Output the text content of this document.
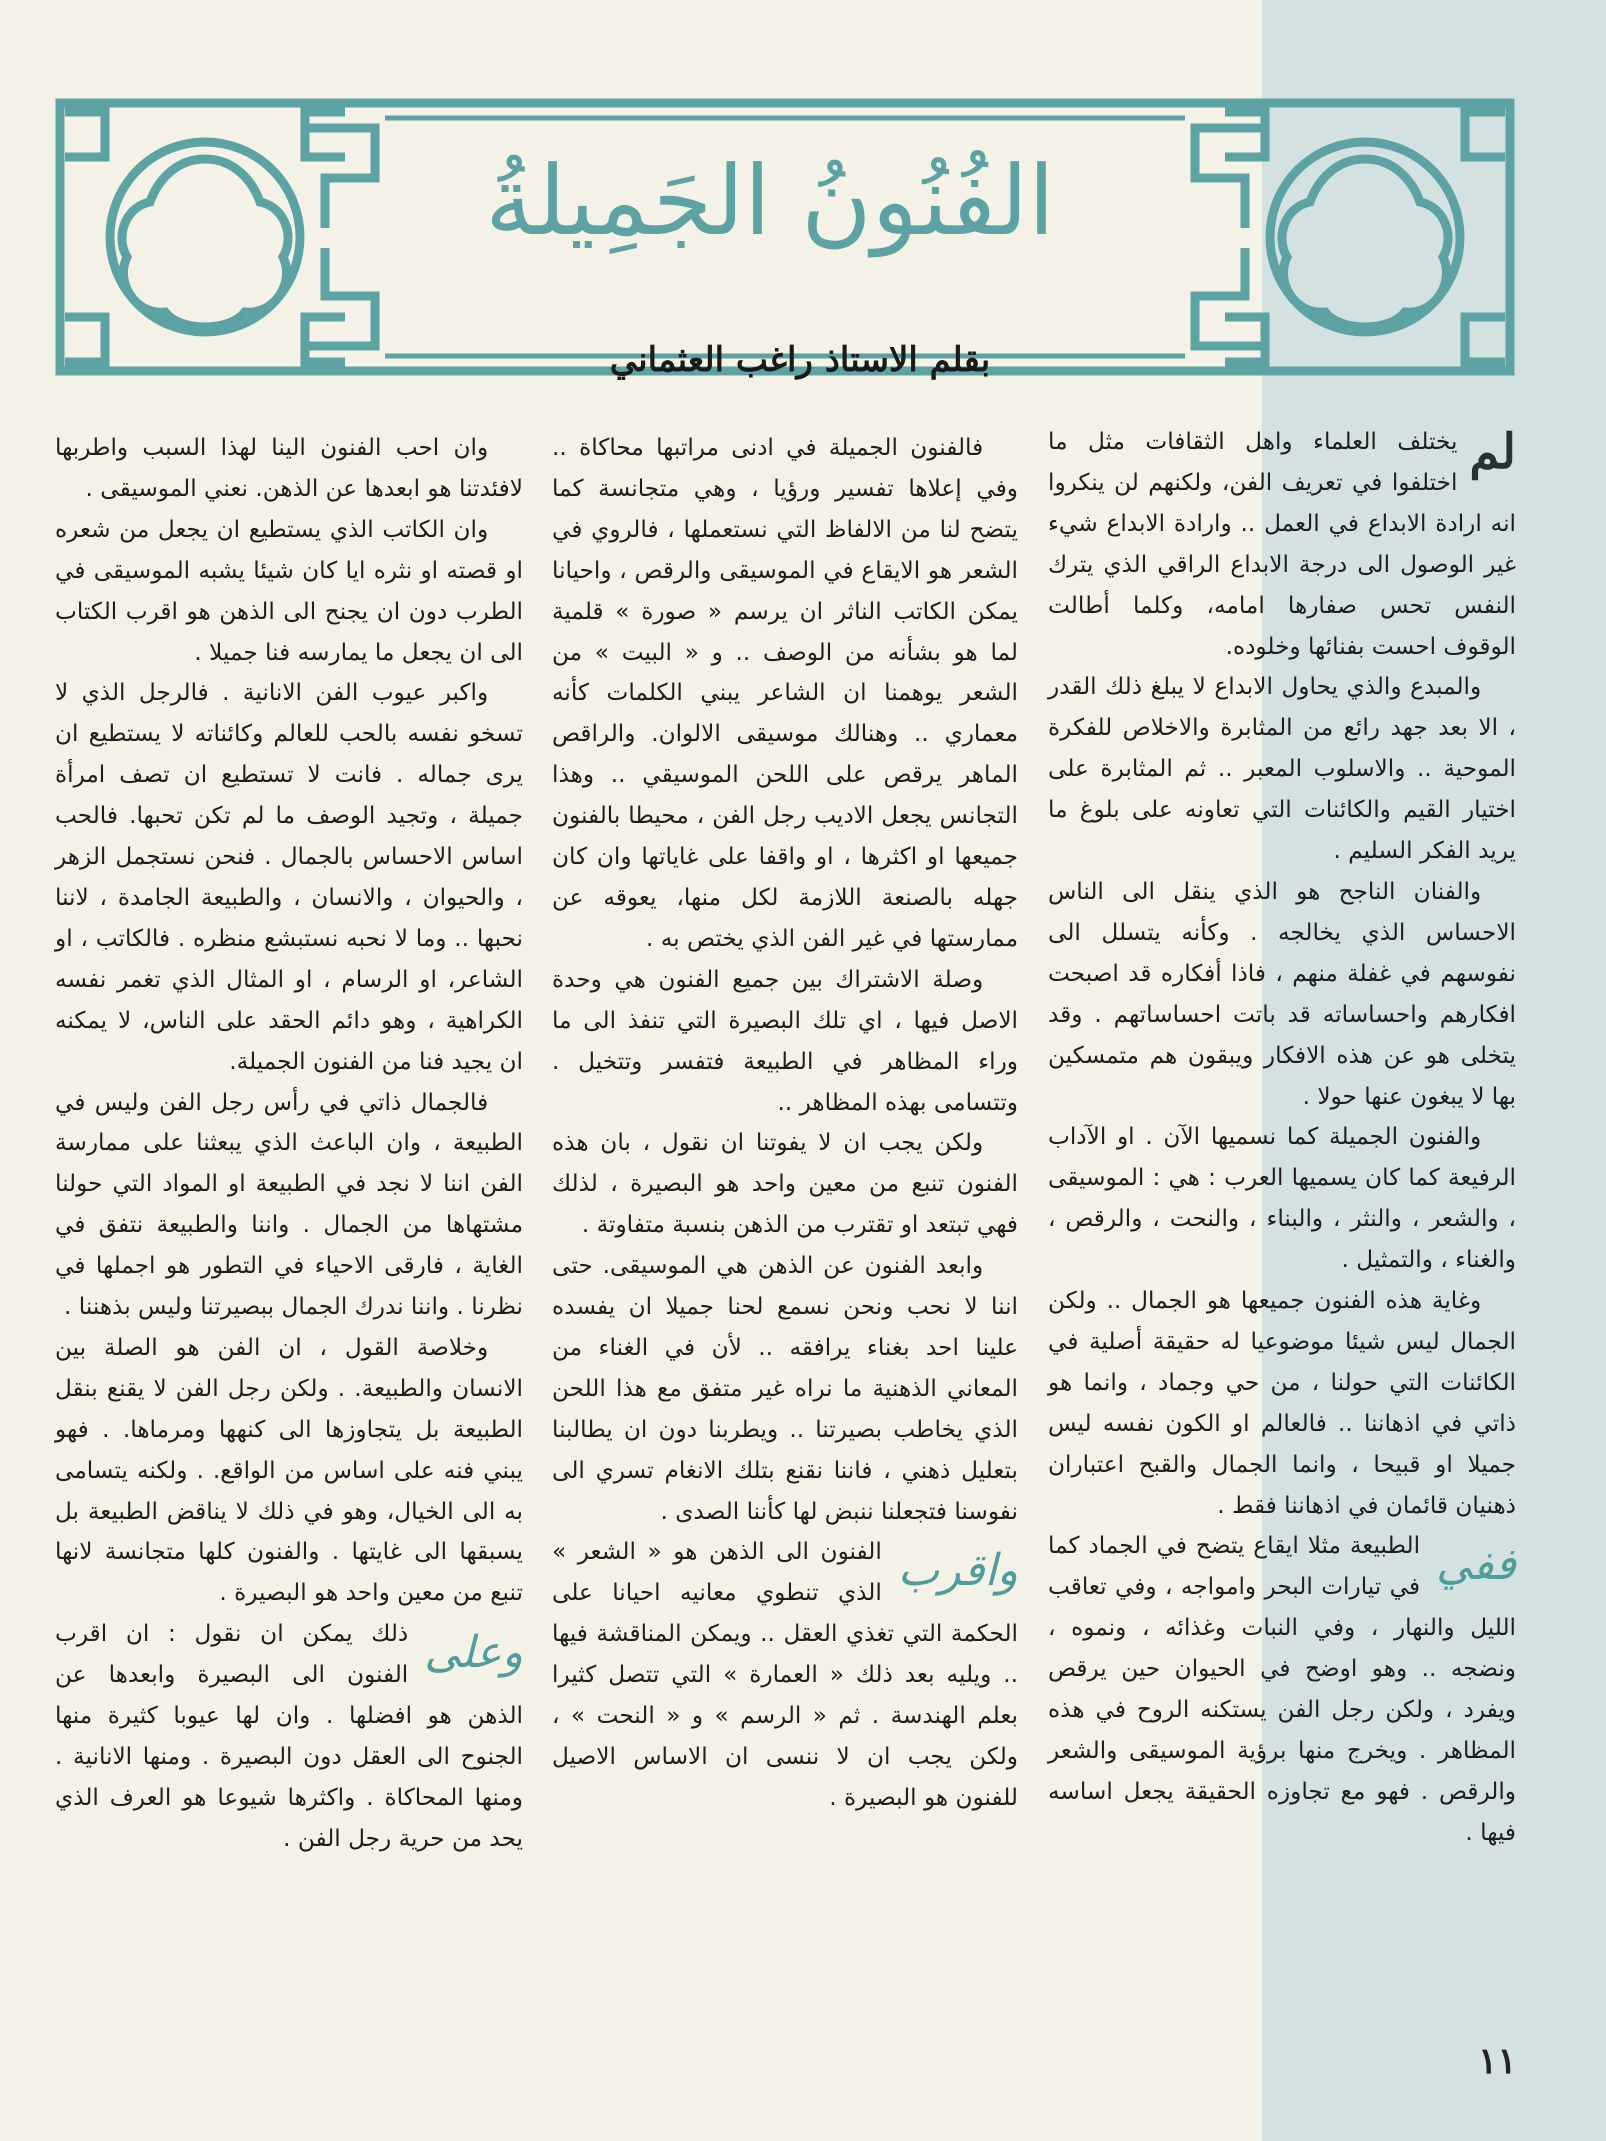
الفُنُونُ الجَمِيلةُ
بقلم الاستاذ راغب العثماني
لم

يختلف العلماء واهل الثقافات مثل ما اختلفوا في تعريف الفن، ولكنهم لن ينكروا انه ارادة الابداع في العمل .. وارادة الابداع شيء غير الوصول الى درجة الابداع الراقي الذي يترك النفس تحس صفارها امامه، وكلما أطالت الوقوف احست بفنائها وخلوده.

والمبدع والذي يحاول الابداع لا يبلغ ذلك القدر ، الا بعد جهد رائع من المثابرة والاخلاص للفكرة الموحية .. والاسلوب المعبر .. ثم المثابرة على اختيار القيم والكائنات التي تعاونه على بلوغ ما يريد الفكر السليم .

والفنان الناجح هو الذي ينقل الى الناس الاحساس الذي يخالجه . وكأنه يتسلل الى نفوسهم في غفلة منهم ، فاذا أفكاره قد اصبحت افكارهم واحساساته قد باتت احساساتهم . وقد يتخلى هو عن هذه الافكار ويبقون هم متمسكين بها لا يبغون عنها حولا .

والفنون الجميلة كما نسميها الآن . او الآداب الرفيعة كما كان يسميها العرب : هي : الموسيقى ، والشعر ، والنثر ، والبناء ، والنحت ، والرقص ، والغناء ، والتمثيل .

وغاية هذه الفنون جميعها هو الجمال .. ولكن الجمال ليس شيئا موضوعيا له حقيقة أصلية في الكائنات التي حولنا ، من حي وجماد ، وانما هو ذاتي في اذهاننا .. فالعالم او الكون نفسه ليس جميلا او قبيحا ، وانما الجمال والقبح اعتباران ذهنيان قائمان في اذهاننا فقط .

ففي

الطبيعة مثلا ايقاع يتضح في الجماد كما في تيارات البحر وامواجه ، وفي تعاقب الليل والنهار ، وفي النبات وغذائه ، ونموه ، ونضجه .. وهو اوضح في الحيوان حين يرقص ويفرد ، ولكن رجل الفن يستكنه الروح في هذه المظاهر . ويخرج منها برؤية الموسيقى والشعر والرقص . فهو مع تجاوزه الحقيقة يجعل اساسه فيها .

فالفنون الجميلة في ادنى مراتبها محاكاة .. وفي إعلاها تفسير ورؤيا ، وهي متجانسة كما يتضح لنا من الالفاظ التي نستعملها ، فالروي في الشعر هو الايقاع في الموسيقى والرقص ، واحيانا يمكن الكاتب الناثر ان يرسم « صورة » قلمية لما هو بشأنه من الوصف .. و « البيت » من الشعر يوهمنا ان الشاعر يبني الكلمات كأنه معماري .. وهنالك موسيقى الالوان. والراقص الماهر يرقص على اللحن الموسيقي .. وهذا التجانس يجعل الاديب رجل الفن ، محيطا بالفنون جميعها او اكثرها ، او واقفا على غاياتها وان كان جهله بالصنعة اللازمة لكل منها، يعوقه عن ممارستها في غير الفن الذي يختص به .

وصلة الاشتراك بين جميع الفنون هي وحدة الاصل فيها ، اي تلك البصيرة التي تنفذ الى ما وراء المظاهر في الطبيعة فتفسر وتتخيل . وتتسامى بهذه المظاهر ..

ولكن يجب ان لا يفوتنا ان نقول ، بان هذه الفنون تنبع من معين واحد هو البصيرة ، لذلك فهي تبتعد او تقترب من الذهن بنسبة متفاوتة .

وابعد الفنون عن الذهن هي الموسيقى. حتى اننا لا نحب ونحن نسمع لحنا جميلا ان يفسده علينا احد بغناء يرافقه .. لأن في الغناء من المعاني الذهنية ما نراه غير متفق مع هذا اللحن الذي يخاطب بصيرتنا .. ويطربنا دون ان يطالبنا بتعليل ذهني ، فاننا نقنع بتلك الانغام تسري الى نفوسنا فتجعلنا ننبض لها كأننا الصدى .

واقرب

الفنون الى الذهن هو « الشعر » الذي تنطوي معانيه احيانا على الحكمة التي تغذي العقل .. ويمكن المناقشة فيها .. ويليه بعد ذلك « العمارة » التي تتصل كثيرا بعلم الهندسة . ثم « الرسم » و « النحت » ، ولكن يجب ان لا ننسى ان الاساس الاصيل للفنون هو البصيرة .

وان احب الفنون الينا لهذا السبب واطربها لافئدتنا هو ابعدها عن الذهن. نعني الموسيقى .

وان الكاتب الذي يستطيع ان يجعل من شعره او قصته او نثره ايا كان شيئا يشبه الموسيقى في الطرب دون ان يجنح الى الذهن هو اقرب الكتاب الى ان يجعل ما يمارسه فنا جميلا .

واكبر عيوب الفن الانانية . فالرجل الذي لا تسخو نفسه بالحب للعالم وكائناته لا يستطيع ان يرى جماله . فانت لا تستطيع ان تصف امرأة جميلة ، وتجيد الوصف ما لم تكن تحبها. فالحب اساس الاحساس بالجمال . فنحن نستجمل الزهر ، والحيوان ، والانسان ، والطبيعة الجامدة ، لاننا نحبها .. وما لا نحبه نستبشع منظره . فالكاتب ، او الشاعر، او الرسام ، او المثال الذي تغمر نفسه الكراهية ، وهو دائم الحقد على الناس، لا يمكنه ان يجيد فنا من الفنون الجميلة.

فالجمال ذاتي في رأس رجل الفن وليس في الطبيعة ، وان الباعث الذي يبعثنا على ممارسة الفن اننا لا نجد في الطبيعة او المواد التي حولنا مشتهاها من الجمال . واننا والطبيعة نتفق في الغاية ، فارقى الاحياء في التطور هو اجملها في نظرنا . واننا ندرك الجمال ببصيرتنا وليس بذهننا .

وخلاصة القول ، ان الفن هو الصلة بين الانسان والطبيعة. . ولكن رجل الفن لا يقنع بنقل الطبيعة بل يتجاوزها الى كنهها ومرماها. . فهو يبني فنه على اساس من الواقع. . ولكنه يتسامى به الى الخيال، وهو في ذلك لا يناقض الطبيعة بل يسبقها الى غايتها . والفنون كلها متجانسة لانها تنبع من معين واحد هو البصيرة .

وعلى

ذلك يمكن ان نقول : ان اقرب الفنون الى البصيرة وابعدها عن الذهن هو افضلها . وان لها عيوبا كثيرة منها الجنوح الى العقل دون البصيرة . ومنها الانانية . ومنها المحاكاة . واكثرها شيوعا هو العرف الذي يحد من حرية رجل الفن .

١١
